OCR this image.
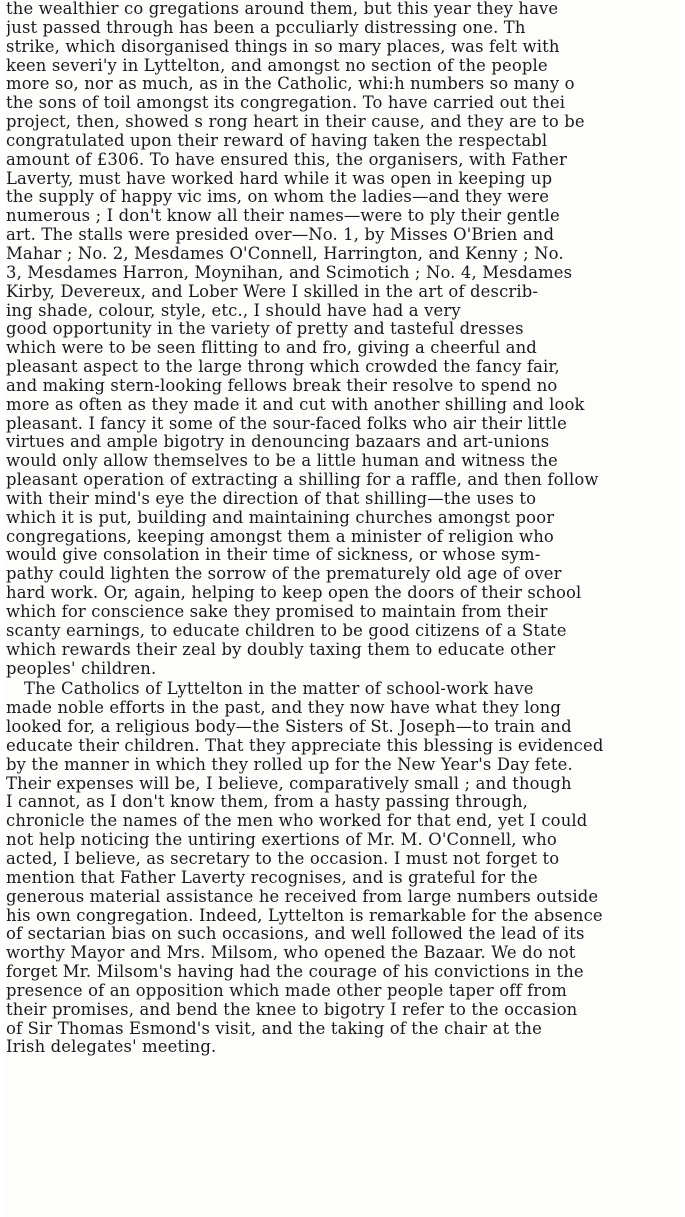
the wealthier co gregations around them, but this year they have
just passed through has been a pcculiarly distressing one. Th
strike, which disorganised things in so mary places, was felt with
keen severi'y in Lyttelton, and amongst no section of the people
more so, nor as much, as in the Catholic, whi:h numbers so many o
the sons of toil amongst its congregation. To have carried out thei
project, then, showed s rong heart in their cause, and they are to be
congratulated upon their reward of having taken the respectabl
amount of £306. To have ensured this, the organisers, with Father
Laverty, must have worked hard while it was open in keeping up
the supply of happy vic ims, on whom the ladies—and they were
numerous ; I don't know all their names—were to ply their gentle
art. The stalls were presided over—No. 1, by Misses O'Brien and
Mahar ; No. 2, Mesdames O'Connell, Harrington, and Kenny ; No.
3, Mesdames Harron, Moynihan, and Scimotich ; No. 4, Mesdames
Kirby, Devereux, and Lober Were I skilled in the art of describ-
ing shade, colour, style, etc., I should have had a very
good opportunity in the variety of pretty and tasteful dresses
which were to be seen flitting to and fro, giving a cheerful and
pleasant aspect to the large throng which crowded the fancy fair,
and making stern-looking fellows break their resolve to spend no
more as often as they made it and cut with another shilling and look
pleasant. I fancy it some of the sour-faced folks who air their little
virtues and ample bigotry in denouncing bazaars and art-unions
would only allow themselves to be a little human and witness the
pleasant operation of extracting a shilling for a raffle, and then follow
with their mind's eye the direction of that shilling—the uses to
which it is put, building and maintaining churches amongst poor
congregations, keeping amongst them a minister of religion who
would give consolation in their time of sickness, or whose sym-
pathy could lighten the sorrow of the prematurely old age of over
hard work. Or, again, helping to keep open the doors of their school
which for conscience sake they promised to maintain from their
scanty earnings, to educate children to be good citizens of a State
which rewards their zeal by doubly taxing them to educate other
peoples' children.
The Catholics of Lyttelton in the matter of school-work have
made noble efforts in the past, and they now have what they long
looked for, a religious body—the Sisters of St. Joseph—to train and
educate their children. That they appreciate this blessing is evidenced
by the manner in which they rolled up for the New Year's Day fete.
Their expenses will be, I believe, comparatively small ; and though
I cannot, as I don't know them, from a hasty passing through,
chronicle the names of the men who worked for that end, yet I could
not help noticing the untiring exertions of Mr. M. O'Connell, who
acted, I believe, as secretary to the occasion. I must not forget to
mention that Father Laverty recognises, and is grateful for the
generous material assistance he received from large numbers outside
his own congregation. Indeed, Lyttelton is remarkable for the absence
of sectarian bias on such occasions, and well followed the lead of its
worthy Mayor and Mrs. Milsom, who opened the Bazaar. We do not
forget Mr. Milsom's having had the courage of his convictions in the
presence of an opposition which made other people taper off from
their promises, and bend the knee to bigotry I refer to the occasion
of Sir Thomas Esmond's visit, and the taking of the chair at the
Irish delegates' meeting.
